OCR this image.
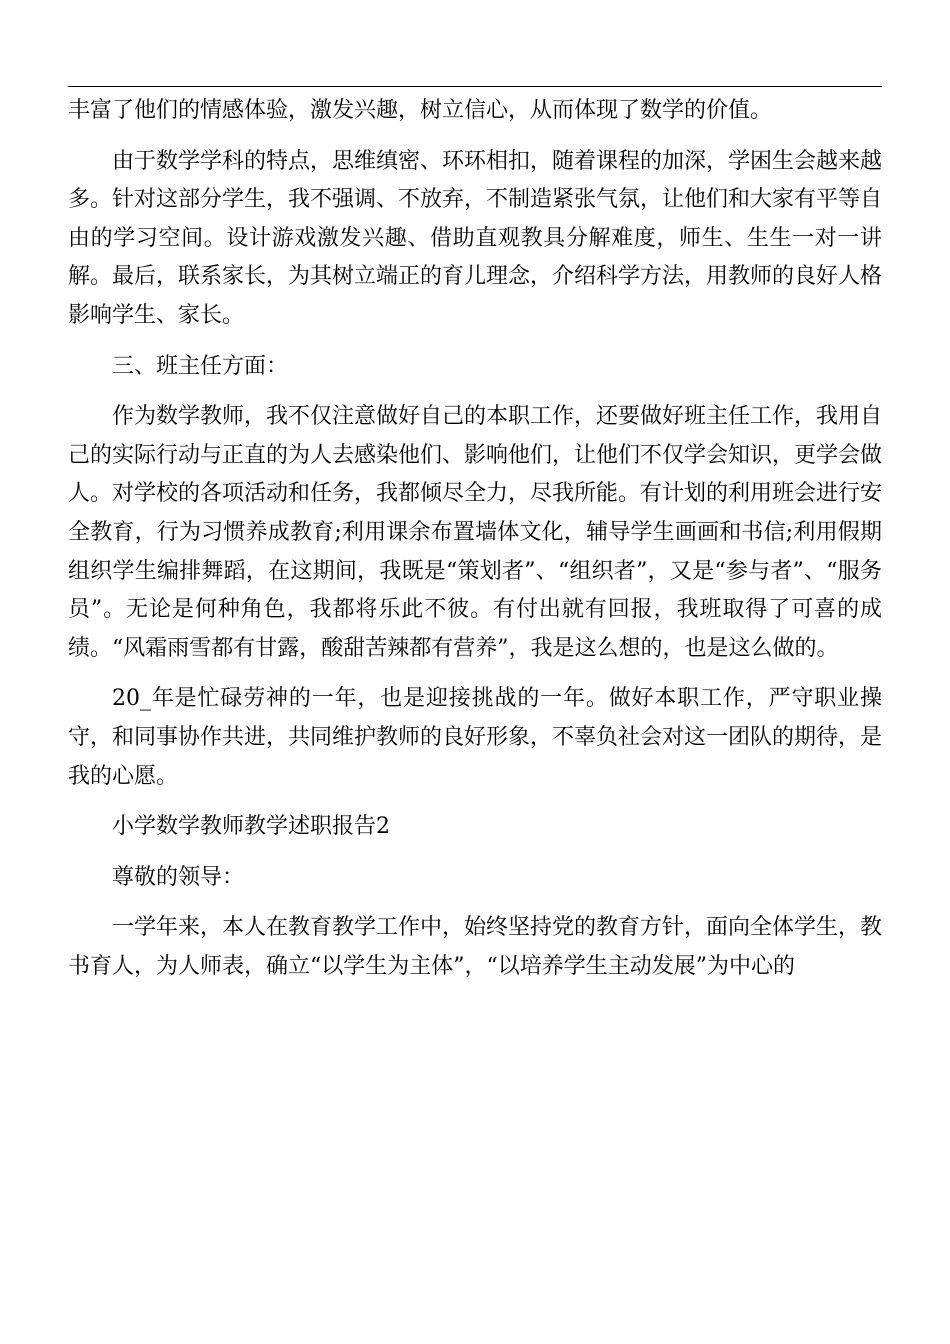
丰富了他们的情感体验，激发兴趣，树立信心，从而体现了数学的价值。

由于数学学科的特点，思维缜密、环环相扣，随着课程的加深，学困生会越来越多。针对这部分学生，我不强调、不放弃，不制造紧张气氛，让他们和大家有平等自由的学习空间。设计游戏激发兴趣、借助直观教具分解难度，师生、生生一对一讲解。最后，联系家长，为其树立端正的育儿理念，介绍科学方法，用教师的良好人格影响学生、家长。

三、班主任方面：

作为数学教师，我不仅注意做好自己的本职工作，还要做好班主任工作，我用自己的实际行动与正直的为人去感染他们、影响他们，让他们不仅学会知识，更学会做人。对学校的各项活动和任务，我都倾尽全力，尽我所能。有计划的利用班会进行安全教育，行为习惯养成教育;利用课余布置墙体文化，辅导学生画画和书信;利用假期组织学生编排舞蹈，在这期间，我既是“策划者”、“组织者”，又是“参与者”、“服务员”。无论是何种角色，我都将乐此不彼。有付出就有回报，我班取得了可喜的成绩。“风霜雨雪都有甘露，酸甜苦辣都有营养”，我是这么想的，也是这么做的。

20_年是忙碌劳神的一年，也是迎接挑战的一年。做好本职工作，严守职业操守，和同事协作共进，共同维护教师的良好形象，不辜负社会对这一团队的期待，是我的心愿。

小学数学教师教学述职报告2

尊敬的领导：

一学年来，本人在教育教学工作中，始终坚持党的教育方针，面向全体学生，教书育人，为人师表，确立“以学生为主体”，“以培养学生主动发展”为中心的
